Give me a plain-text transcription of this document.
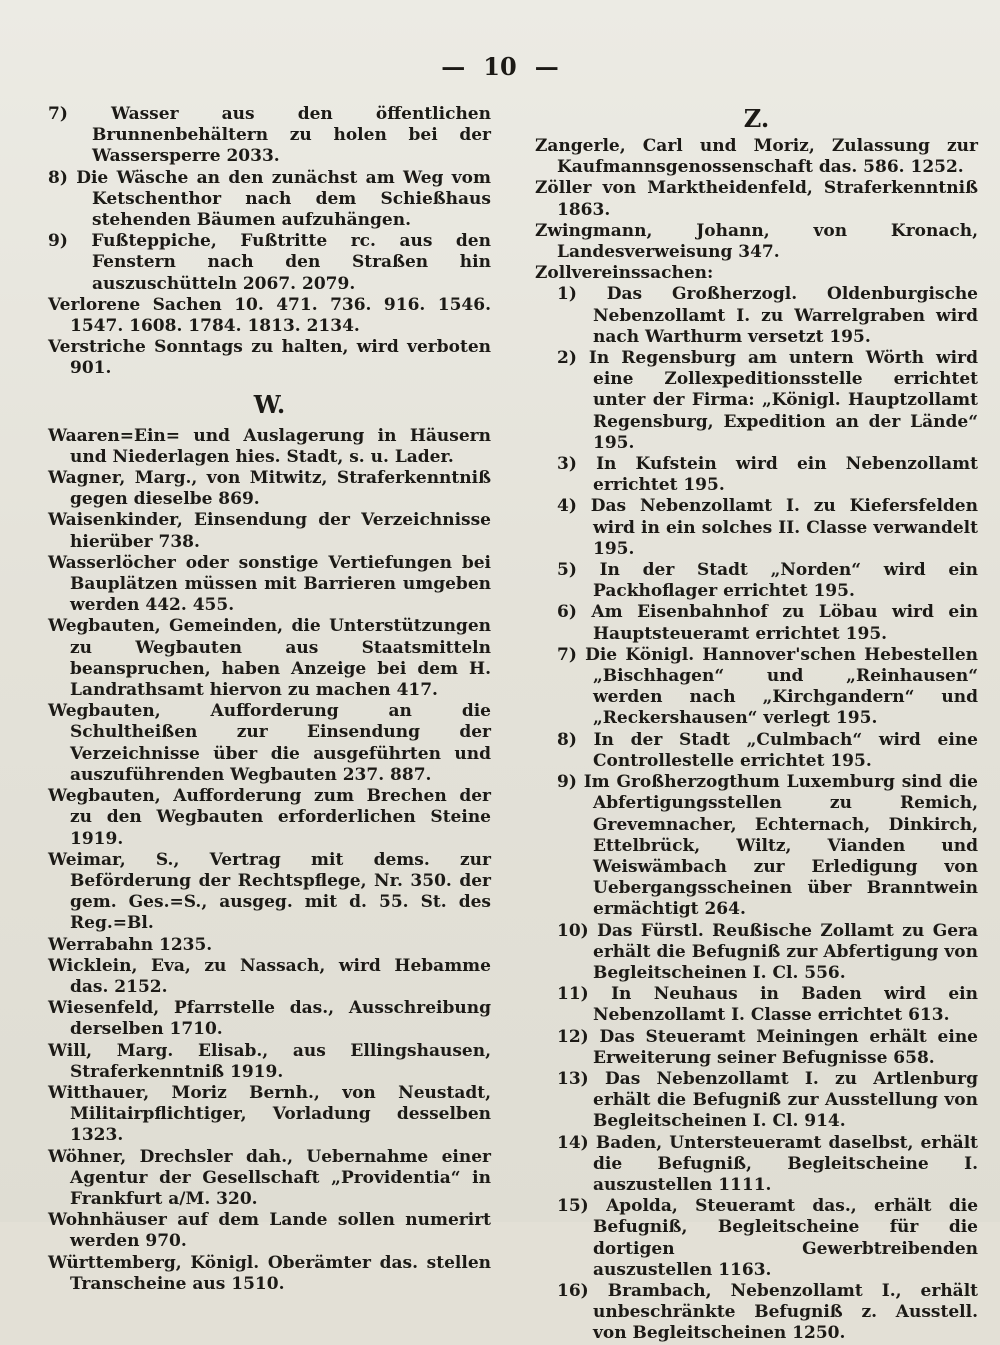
— 10 —

7) Wasser aus den öffentlichen Brunnenbehältern zu holen bei der Wassersperre 2033.

8) Die Wäsche an den zunächst am Weg vom Ketschenthor nach dem Schießhaus stehenden Bäumen aufzuhängen.

9) Fußteppiche, Fußtritte rc. aus den Fenstern nach den Straßen hin auszuschütteln 2067. 2079.

Verlorene Sachen 10. 471. 736. 916. 1546. 1547. 1608. 1784. 1813. 2134.

Verstriche Sonntags zu halten, wird verboten 901.

W.

Waaren=Ein= und Auslagerung in Häusern und Niederlagen hies. Stadt, s. u. Lader.

Wagner, Marg., von Mitwitz, Straferkenntniß gegen dieselbe 869.

Waisenkinder, Einsendung der Verzeichnisse hierüber 738.

Wasserlöcher oder sonstige Vertiefungen bei Bauplätzen müssen mit Barrieren umgeben werden 442. 455.

Wegbauten, Gemeinden, die Unterstützungen zu Wegbauten aus Staatsmitteln beanspruchen, haben Anzeige bei dem H. Landrathsamt hiervon zu machen 417.

Wegbauten, Aufforderung an die Schultheißen zur Einsendung der Verzeichnisse über die ausgeführten und auszuführenden Wegbauten 237. 887.

Wegbauten, Aufforderung zum Brechen der zu den Wegbauten erforderlichen Steine 1919.

Weimar, S., Vertrag mit dems. zur Beförderung der Rechtspflege, Nr. 350. der gem. Ges.=S., ausgeg. mit d. 55. St. des Reg.=Bl.

Werrabahn 1235.

Wicklein, Eva, zu Nassach, wird Hebamme das. 2152.

Wiesenfeld, Pfarrstelle das., Ausschreibung derselben 1710.

Will, Marg. Elisab., aus Ellingshausen, Straferkenntniß 1919.

Witthauer, Moriz Bernh., von Neustadt, Militairpflichtiger, Vorladung desselben 1323.

Wöhner, Drechsler dah., Uebernahme einer Agentur der Gesellschaft „Providentia“ in Frankfurt a/M. 320.

Wohnhäuser auf dem Lande sollen numerirt werden 970.

Württemberg, Königl. Oberämter das. stellen Transcheine aus 1510.

Z.

Zangerle, Carl und Moriz, Zulassung zur Kaufmannsgenossenschaft das. 586. 1252.

Zöller von Marktheidenfeld, Straferkenntniß 1863.

Zwingmann, Johann, von Kronach, Landesverweisung 347.

Zollvereinssachen:

1) Das Großherzogl. Oldenburgische Nebenzollamt I. zu Warrelgraben wird nach Warthurm versetzt 195.

2) In Regensburg am untern Wörth wird eine Zollexpeditionsstelle errichtet unter der Firma: „Königl. Hauptzollamt Regensburg, Expedition an der Lände“ 195.

3) In Kufstein wird ein Nebenzollamt errichtet 195.

4) Das Nebenzollamt I. zu Kiefersfelden wird in ein solches II. Classe verwandelt 195.

5) In der Stadt „Norden“ wird ein Packhoflager errichtet 195.

6) Am Eisenbahnhof zu Löbau wird ein Hauptsteueramt errichtet 195.

7) Die Königl. Hannover'schen Hebestellen „Bischhagen“ und „Reinhausen“ werden nach „Kirchgandern“ und „Reckershausen“ verlegt 195.

8) In der Stadt „Culmbach“ wird eine Controllestelle errichtet 195.

9) Im Großherzogthum Luxemburg sind die Abfertigungsstellen zu Remich, Grevemnacher, Echternach, Dinkirch, Ettelbrück, Wiltz, Vianden und Weiswämbach zur Erledigung von Uebergangsscheinen über Branntwein ermächtigt 264.

10) Das Fürstl. Reußische Zollamt zu Gera erhält die Befugniß zur Abfertigung von Begleitscheinen I. Cl. 556.

11) In Neuhaus in Baden wird ein Nebenzollamt I. Classe errichtet 613.

12) Das Steueramt Meiningen erhält eine Erweiterung seiner Befugnisse 658.

13) Das Nebenzollamt I. zu Artlenburg erhält die Befugniß zur Ausstellung von Begleitscheinen I. Cl. 914.

14) Baden, Untersteueramt daselbst, erhält die Befugniß, Begleitscheine I. auszustellen 1111.

15) Apolda, Steueramt das., erhält die Befugniß, Begleitscheine für die dortigen Gewerbtreibenden auszustellen 1163.

16) Brambach, Nebenzollamt I., erhält unbeschränkte Befugniß z. Ausstell. von Begleitscheinen 1250.
